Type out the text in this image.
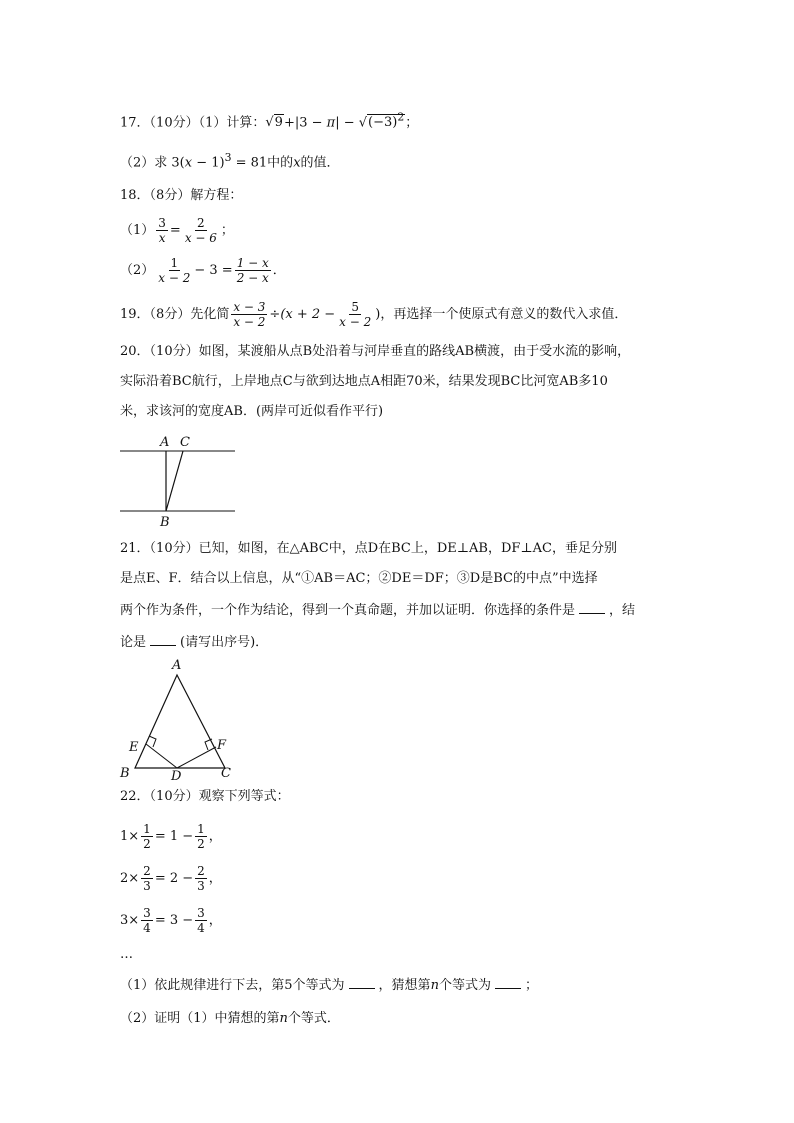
17．（10分）（1）计算：$√9+|3 - \pi| - √(-3)^2$；
（2）求 $3(x - 1)^3 = 81$中的x的值．
18．（8分）解方程：
$(1) \frac{3}{x} = \frac{2}{x - 6}$ ；
$(2) \frac{1}{x - 2} - 3 = \frac{1 - x}{2 - x}$ ．
19．（8分）先化简 $\frac{x - 3}{x - 2} \div(x + 2 - \frac{5}{x - 2}$ )，再选择一个使原式有意义的数代入求值．
20．（10分）如图，某渡船从点B处沿着与河岸垂直的路线AB横渡，由于受水流的影响，
实际沿着BC航行，上岸地点C与欲到达地点A相距70米，结果发现BC比河宽AB多10
米，求该河的宽度AB．(两岸可近似看作平行)
A C
B
21．（10分）已知，如图，在△ABC中，点D在BC上，DE⊥AB，DF⊥AC，垂足分别
是点E、F．结合以上信息，从“①AB＝AC；②DE＝DF；③D是BC的中点”中选择
两个作为条件，一个作为结论，得到一个真命题，并加以证明．你选择的条件是	，结
论是	(请写出序号)．
A
E	F
B	D	C
22．（10分）观察下列等式：
$1\times \frac{1}{2} = 1 - \frac{1}{2}$ ，
$2\times \frac{2}{3} = 2 - \frac{2}{3}$ ，
$3\times \frac{3}{4} = 3 - \frac{3}{4}$ ，
…
（1）依此规律进行下去，第5个等式为	，猜想第n个等式为	；
（2）证明（1）中猜想的第n个等式．
